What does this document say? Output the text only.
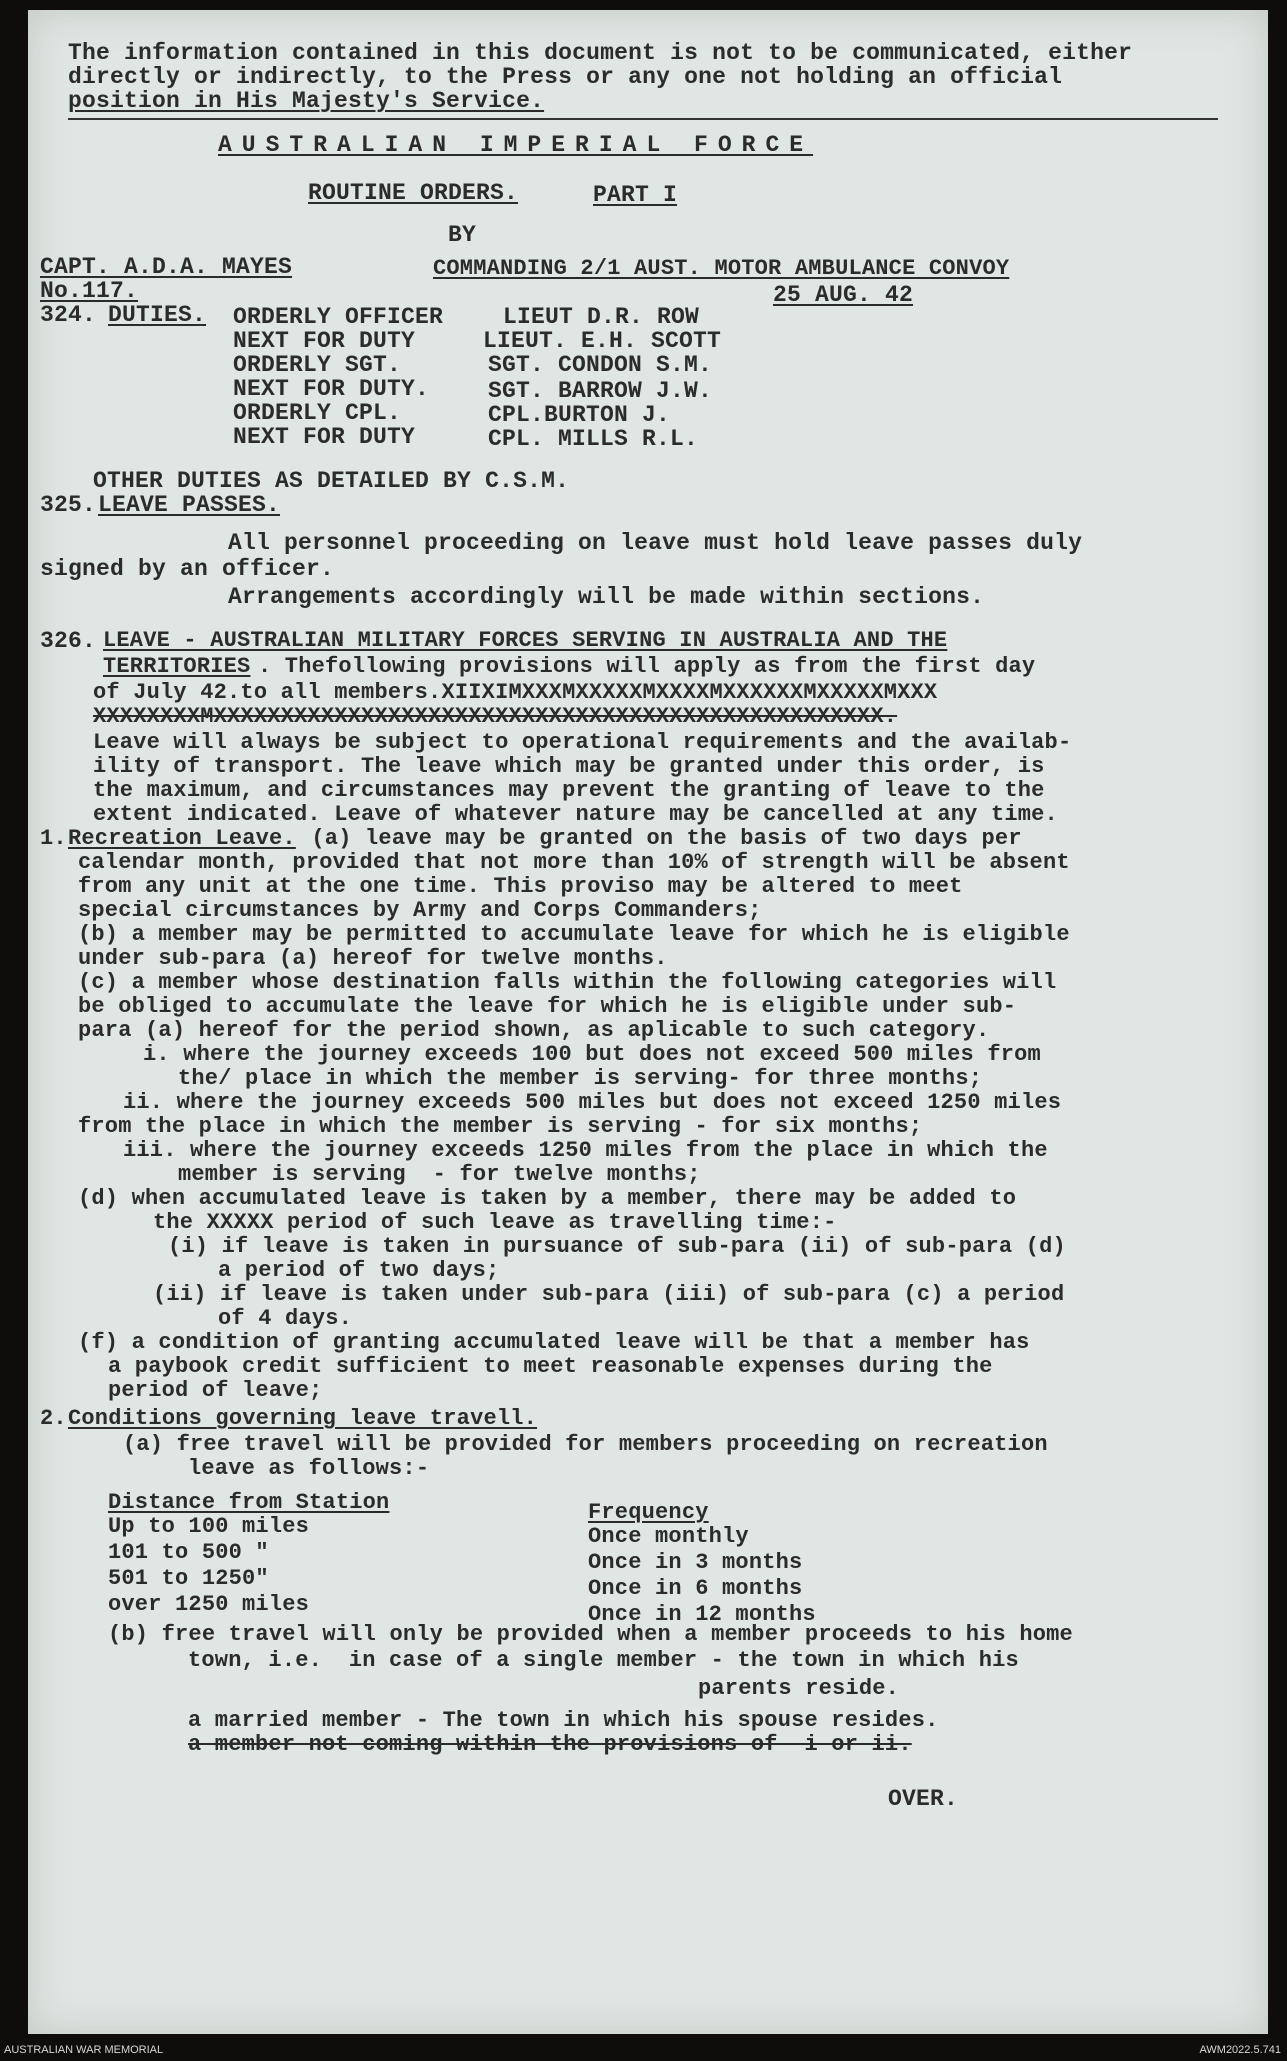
The information contained in this document is not to be communicated, either
directly or indirectly, to the Press or any one not holding an official
position in His Majesty's Service.
AUSTRALIAN IMPERIAL FORCE
ROUTINE ORDERS.	PART I
BY
CAPT. A.D.A. MAYES	COMMANDING 2/1 AUST. MOTOR AMBULANCE CONVOY
No.117.	25 AUG. 42
324. DUTIES. ORDERLY OFFICER	LIEUT D.R. ROW
NEXT FOR DUTY	LIEUT. E.H. SCOTT
ORDERLY SGT.	SGT. CONDON S.M.
NEXT FOR DUTY.	SGT. BARROW J.W.
ORDERLY CPL.	CPL.BURTON J.
NEXT FOR DUTY	CPL. MILLS R.L.
OTHER DUTIES AS DETAILED BY C.S.M.
325. LEAVE PASSES.
All personnel proceeding on leave must hold leave passes duly
signed by an officer.
Arrangements accordingly will be made within sections.
326. LEAVE - AUSTRALIAN MILITARY FORCES SERVING IN AUSTRALIA AND THE
TERRITORIES . Thefollowing provisions will apply as from the first day
of July 42.to all members.XIIXIMXXXMXXXXXMXXXXMXXXXXXMXXXXXMXXX
XXXXXXXXMXXXXXXXXXXXXXXXXXXXXXXXXXXXXXXXXXXXXXXXXXXXXXXXXXX.
Leave will always be subject to operational requirements and the availab-
ility of transport. The leave which may be granted under this order, is
the maximum, and circumstances may prevent the granting of leave to the
extent indicated. Leave of whatever nature may be cancelled at any time.
1. Recreation Leave. (a) leave may be granted on the basis of two days per
calendar month, provided that not more than 10% of strength will be absent
from any unit at the one time. This proviso may be altered to meet
special circumstances by Army and Corps Commanders;
(b) a member may be permitted to accumulate leave for which he is eligible
under sub-para (a) hereof for twelve months.
(c) a member whose destination falls within the following categories will
be obliged to accumulate the leave for which he is eligible under sub-
para (a) hereof for the period shown, as aplicable to such category.
i. where the journey exceeds 100 but does not exceed 500 miles from
the/ place in which the member is serving- for three months;
ii. where the journey exceeds 500 miles but does not exceed 1250 miles
from the place in which the member is serving - for six months;
iii. where the journey exceeds 1250 miles from the place in which the
member is serving  - for twelve months;
(d) when accumulated leave is taken by a member, there may be added to
the XXXXX period of such leave as travelling time:-
(i) if leave is taken in pursuance of sub-para (ii) of sub-para (d)
a period of two days;
(ii) if leave is taken under sub-para (iii) of sub-para (c) a period
of 4 days.
(f) a condition of granting accumulated leave will be that a member has
a paybook credit sufficient to meet reasonable expenses during the
period of leave;
2. Conditions governing leave travell.
(a) free travel will be provided for members proceeding on recreation
leave as follows:-
Distance from Station	Frequency
Up to 100 miles	Once monthly
101 to 500 "	Once in 3 months
501 to 1250"	Once in 6 months
over 1250 miles	Once in 12 months
(b) free travel will only be provided when a member proceeds to his home
town, i.e.  in case of a single member - the town in which his
parents reside.
a married member - The town in which his spouse resides.
a member not coming within the provisions of  i or ii.
OVER.
AUSTRALIAN WAR MEMORIAL	AWM2022.5.741
